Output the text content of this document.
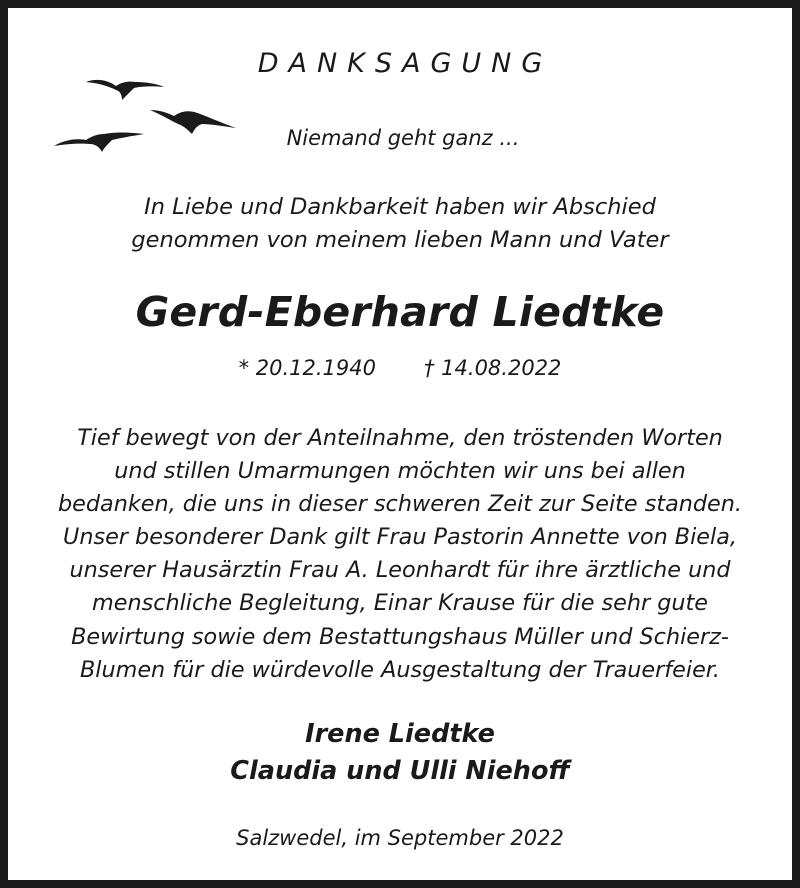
DANKSAGUNG
Niemand geht ganz ...
In Liebe und Dankbarkeit haben wir Abschied
genommen von meinem lieben Mann und Vater
Gerd-Eberhard Liedtke
* 20.12.1940 † 14.08.2022
Tief bewegt von der Anteilnahme, den tröstenden Worten
und stillen Umarmungen möchten wir uns bei allen
bedanken, die uns in dieser schweren Zeit zur Seite standen.
Unser besonderer Dank gilt Frau Pastorin Annette von Biela,
unserer Hausärztin Frau A. Leonhardt für ihre ärztliche und
menschliche Begleitung, Einar Krause für die sehr gute
Bewirtung sowie dem Bestattungshaus Müller und Schierz-
Blumen für die würdevolle Ausgestaltung der Trauerfeier.
Irene Liedtke
Claudia und Ulli Niehoff
Salzwedel, im September 2022
